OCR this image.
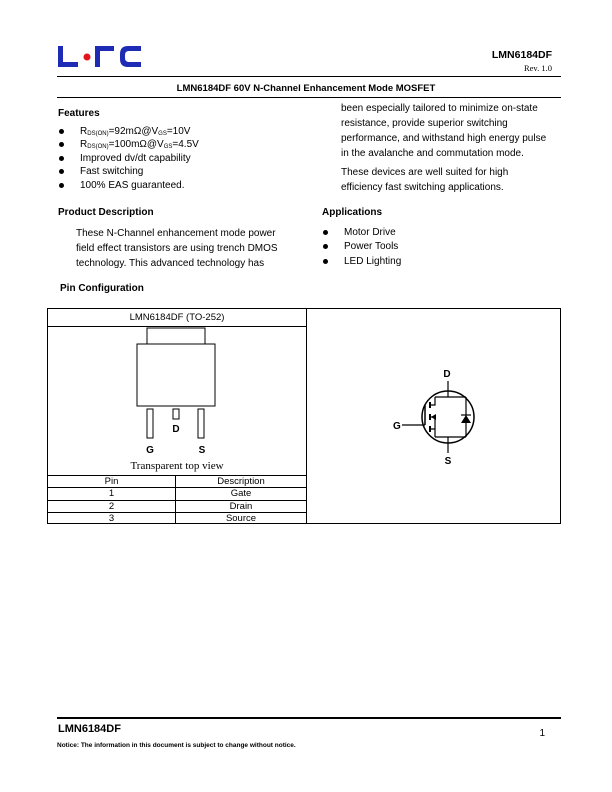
LMN6184DF
Rev. 1.0
LMN6184DF 60V N-Channel Enhancement Mode MOSFET
Features
$R_{DS(ON)}=92m\Omega@V_{GS}=10V$
$R_{DS(ON)}=100m\Omega@V_{GS}=4.5V$
Improved dv/dt capability
Fast switching
100% EAS guaranteed.
Product Description
These N-Channel enhancement mode power
field effect transistors are using trench DMOS
technology. This advanced technology has
been especially tailored to minimize on-state
resistance, provide superior switching
performance, and withstand high energy pulse
in the avalanche and commutation mode.
These devices are well suited for high
efficiency fast switching applications.
Applications
Motor Drive
Power Tools
LED Lighting
Pin Configuration
LMN6184DF (TO-252)
G
D
S
Transparent top view
Pin	Description
1	Gate
2	Drain
3	Source
D
G
S
LMN6184DF	1
Notice: The information in this document is subject to change without notice.
